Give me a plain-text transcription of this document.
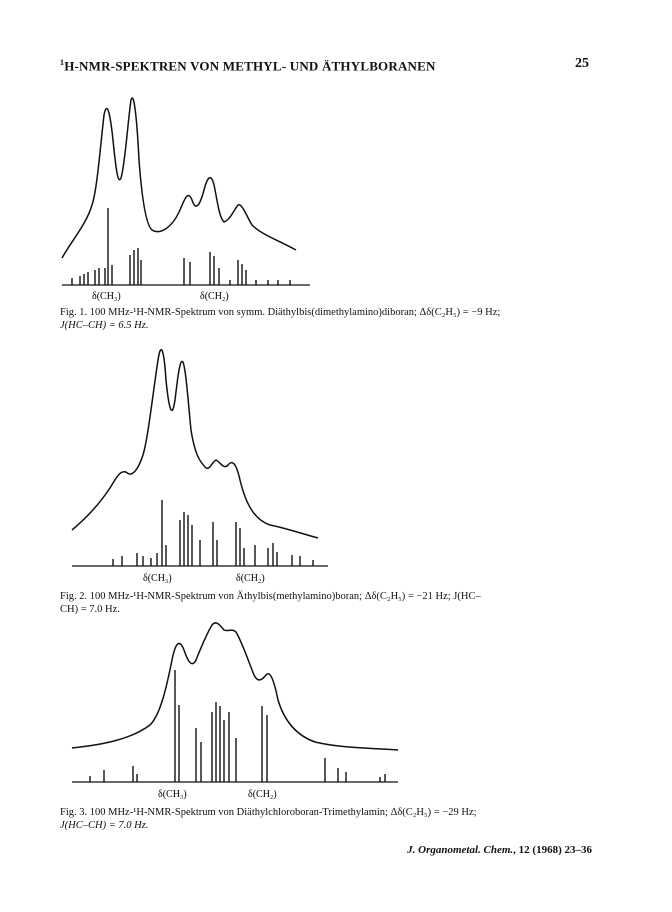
$^1$H-NMR-SPEKTREN VON METHYL- UND ÄTHYLBORANEN	25
δ(CH₃)	δ(CH₂)
Fig. 1. 100 MHz-¹H-NMR-Spektrum von symm. Diäthylbis(dimethylamino)diboran; Δδ(C₂H₅) = −9 Hz;
J(HC–CH) = 6.5 Hz.
δ(CH₃)	δ(CH₂)
Fig. 2. 100 MHz-¹H-NMR-Spektrum von Äthylbis(methylamino)boran; Δδ(C₂H₅) = −21 Hz; J(HC–
CH) = 7.0 Hz.
δ(CH₃)	δ(CH₂)
Fig. 3. 100 MHz-¹H-NMR-Spektrum von Diäthylchloroboran-Trimethylamin; Δδ(C₂H₅) = −29 Hz;
J(HC–CH) = 7.0 Hz.
J. Organometal. Chem., 12 (1968) 23–36
